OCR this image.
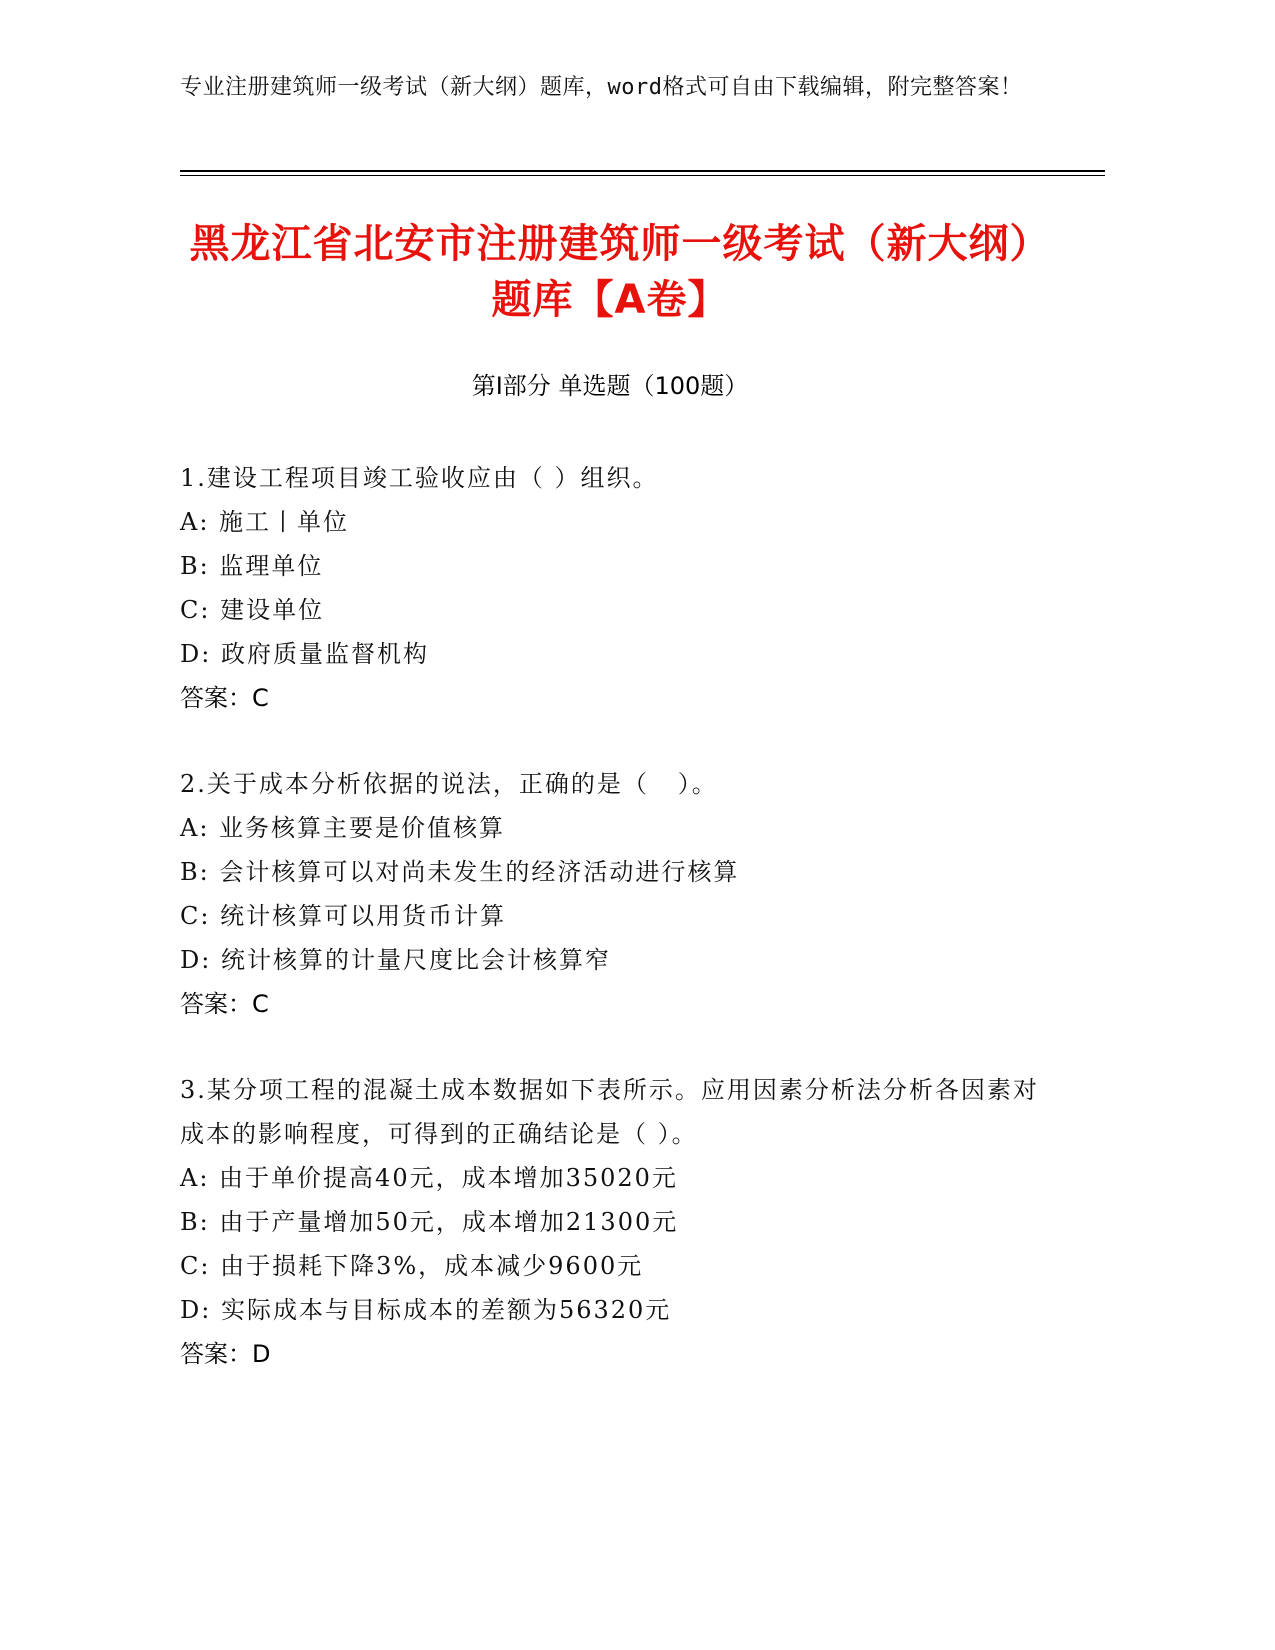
专业注册建筑师一级考试（新大纲）题库，word格式可自由下载编辑，附完整答案！
黑龙江省北安市注册建筑师一级考试（新大纲）题库【A卷】
第Ⅰ部分 单选题（100题）
1.建设工程项目竣工验收应由（ ）组织。
A: 施工丨单位
B: 监理单位
C: 建设单位
D: 政府质量监督机构
答案：C
2.关于成本分析依据的说法，正确的是（   ）。
A: 业务核算主要是价值核算
B: 会计核算可以对尚未发生的经济活动进行核算
C: 统计核算可以用货币计算
D: 统计核算的计量尺度比会计核算窄
答案：C
3.某分项工程的混凝土成本数据如下表所示。应用因素分析法分析各因素对成本的影响程度，可得到的正确结论是（ ）。
A: 由于单价提高40元，成本增加35020元
B: 由于产量增加50元，成本增加21300元
C: 由于损耗下降3%，成本减少9600元
D: 实际成本与目标成本的差额为56320元
答案：D
